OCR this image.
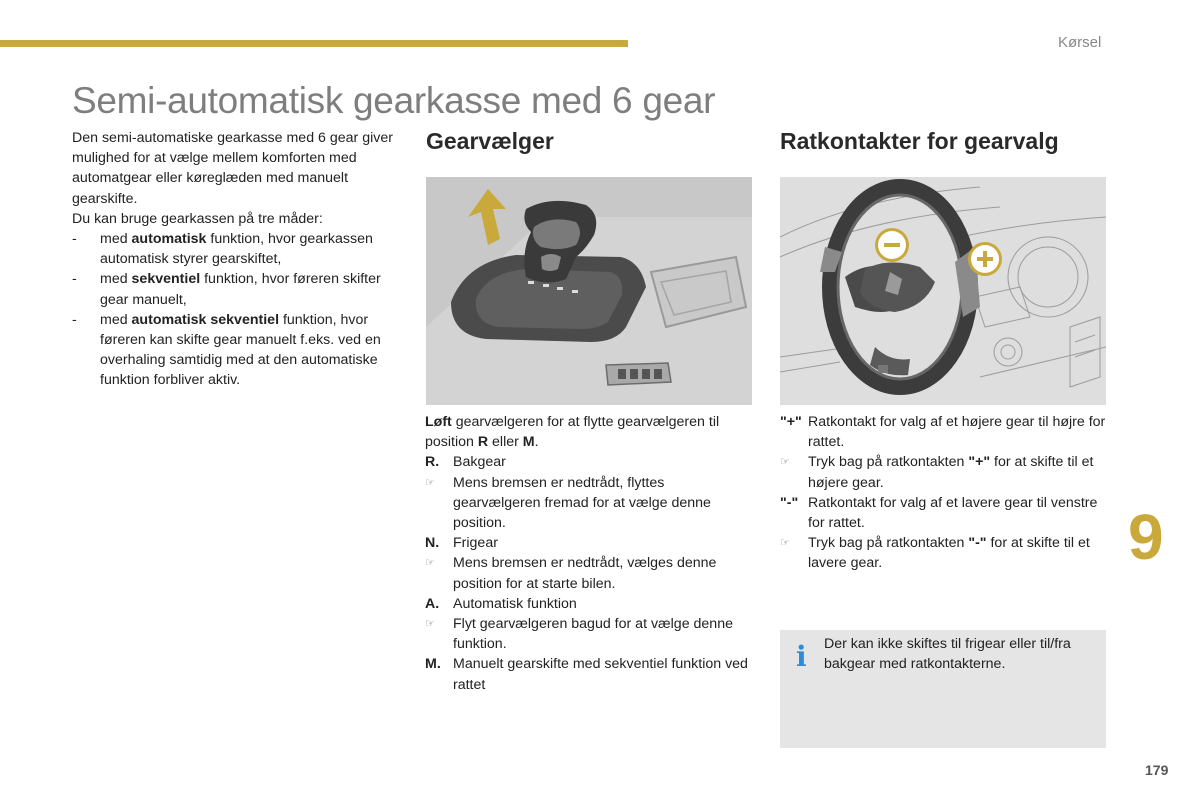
Kørsel
Semi-automatisk gearkasse med 6 gear

Den semi-automatiske gearkasse med 6 gear giver mulighed for at vælge mellem komforten med automatgear eller køreglæden med manuelt gearskifte.

Du kan bruge gearkassen på tre måder:

-	med automatisk funktion, hvor gearkassen automatisk styrer gearskiftet,
-	med sekventiel funktion, hvor føreren skifter gear manuelt,
-	med automatisk sekventiel funktion, hvor føreren kan skifte gear manuelt f.eks. ved en overhaling samtidig med at den automatiske funktion forbliver aktiv.
Gearvælger

Løft gearvælgeren for at flytte gearvælgeren til position R eller M.

R. Bakgear
☞	Mens bremsen er nedtrådt, flyttes gearvælgeren fremad for at vælge denne position.
N. Frigear
☞	Mens bremsen er nedtrådt, vælges denne position for at starte bilen.
A. Automatisk funktion
☞	Flyt gearvælgeren bagud for at vælge denne funktion.
M. Manuelt gearskifte med sekventiel funktion ved rattet
Ratkontakter for gearvalg
"+" Ratkontakt for valg af et højere gear til højre for rattet.
☞	Tryk bag på ratkontakten "+" for at skifte til et højere gear.
"-" Ratkontakt for valg af et lavere gear til venstre for rattet.
☞	Tryk bag på ratkontakten "-" for at skifte til et lavere gear.
i Der kan ikke skiftes til frigear eller til/fra bakgear med ratkontakterne.
9
179
